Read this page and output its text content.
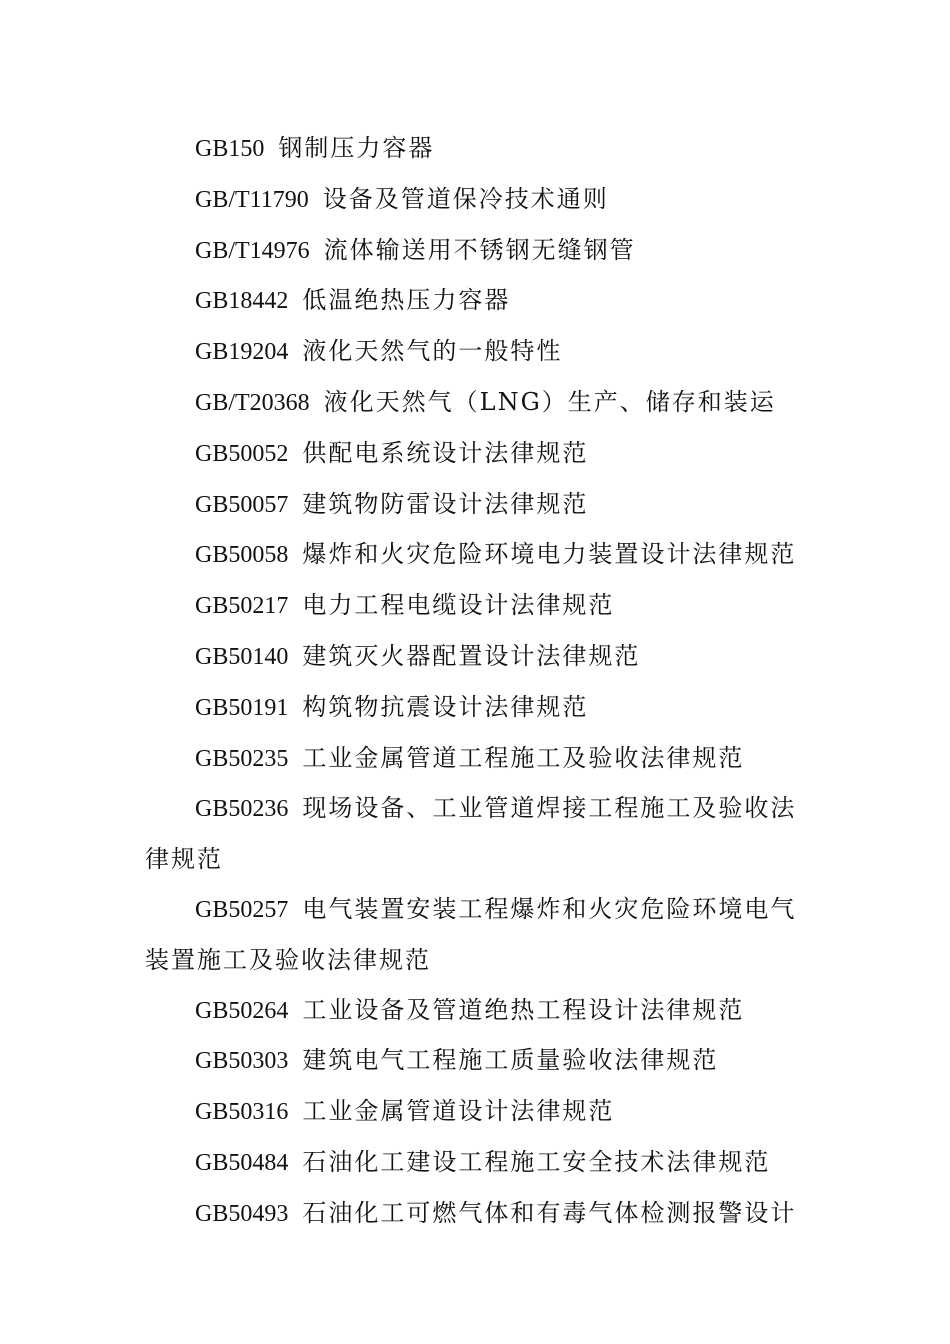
GB150 钢制压力容器

GB/T11790 设备及管道保冷技术通则

GB/T14976 流体输送用不锈钢无缝钢管

GB18442 低温绝热压力容器

GB19204 液化天然气的一般特性

GB/T20368 液化天然气（LNG）生产、储存和装运

GB50052 供配电系统设计法律规范

GB50057 建筑物防雷设计法律规范

GB50058 爆炸和火灾危险环境电力装置设计法律规范

GB50217 电力工程电缆设计法律规范

GB50140 建筑灭火器配置设计法律规范

GB50191 构筑物抗震设计法律规范

GB50235 工业金属管道工程施工及验收法律规范

GB50236 现场设备、工业管道焊接工程施工及验收法律规范

GB50257 电气装置安装工程爆炸和火灾危险环境电气装置施工及验收法律规范

GB50264 工业设备及管道绝热工程设计法律规范

GB50303 建筑电气工程施工质量验收法律规范

GB50316 工业金属管道设计法律规范

GB50484 石油化工建设工程施工安全技术法律规范

GB50493 石油化工可燃气体和有毒气体检测报警设计
